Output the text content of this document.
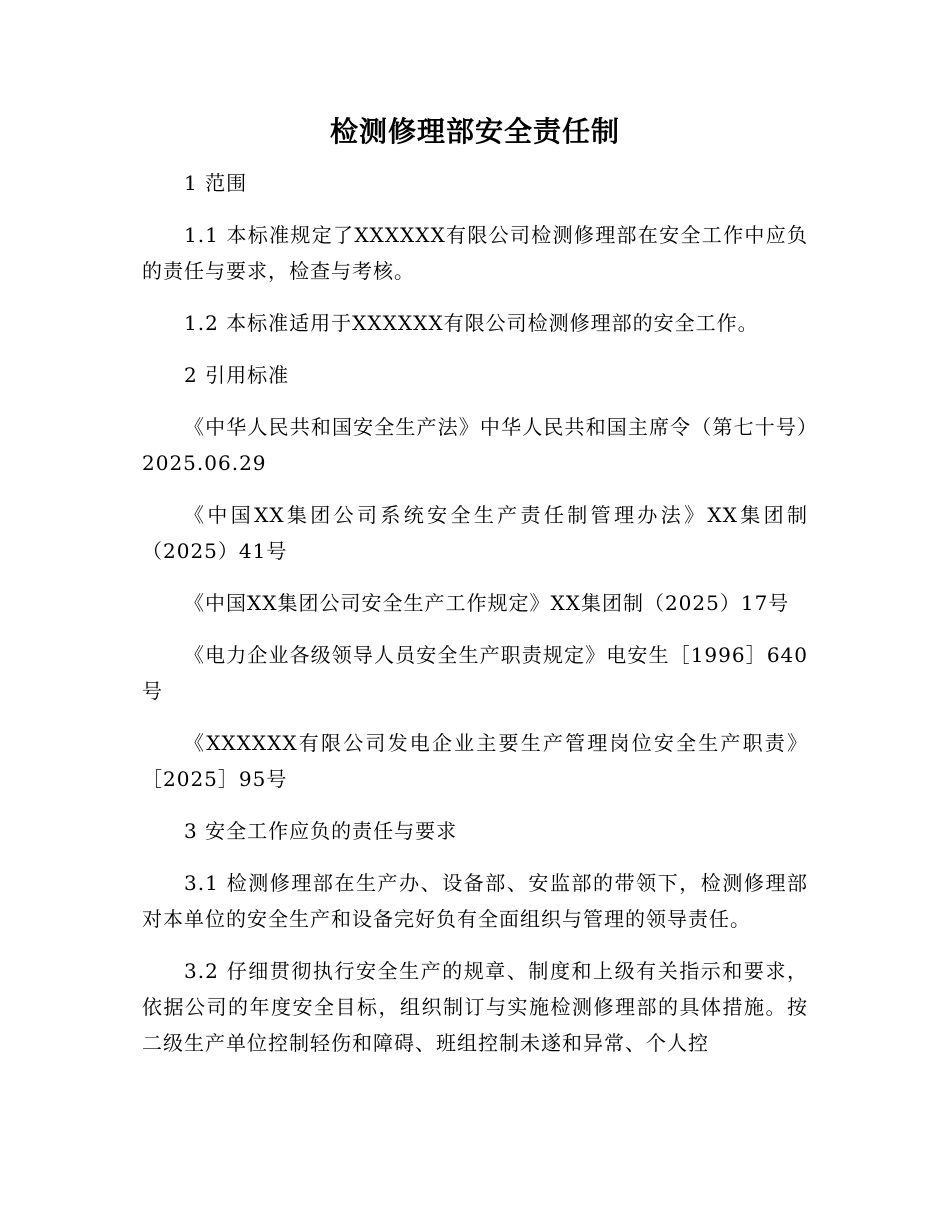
检测修理部安全责任制

1 范围

1.1 本标准规定了XXXXXX有限公司检测修理部在安全工作中应负的责任与要求，检查与考核。

1.2 本标准适用于XXXXXX有限公司检测修理部的安全工作。

2 引用标准

《中华人民共和国安全生产法》中华人民共和国主席令（第七十号）2025.06.29

《中国XX集团公司系统安全生产责任制管理办法》XX集团制（2025）41号

《中国XX集团公司安全生产工作规定》XX集团制（2025）17号

《电力企业各级领导人员安全生产职责规定》电安生［1996］640号

《XXXXXX有限公司发电企业主要生产管理岗位安全生产职责》［2025］95号

3 安全工作应负的责任与要求

3.1 检测修理部在生产办、设备部、安监部的带领下，检测修理部对本单位的安全生产和设备完好负有全面组织与管理的领导责任。

3.2 仔细贯彻执行安全生产的规章、制度和上级有关指示和要求，依据公司的年度安全目标，组织制订与实施检测修理部的具体措施。按二级生产单位控制轻伤和障碍、班组控制未遂和异常、个人控
